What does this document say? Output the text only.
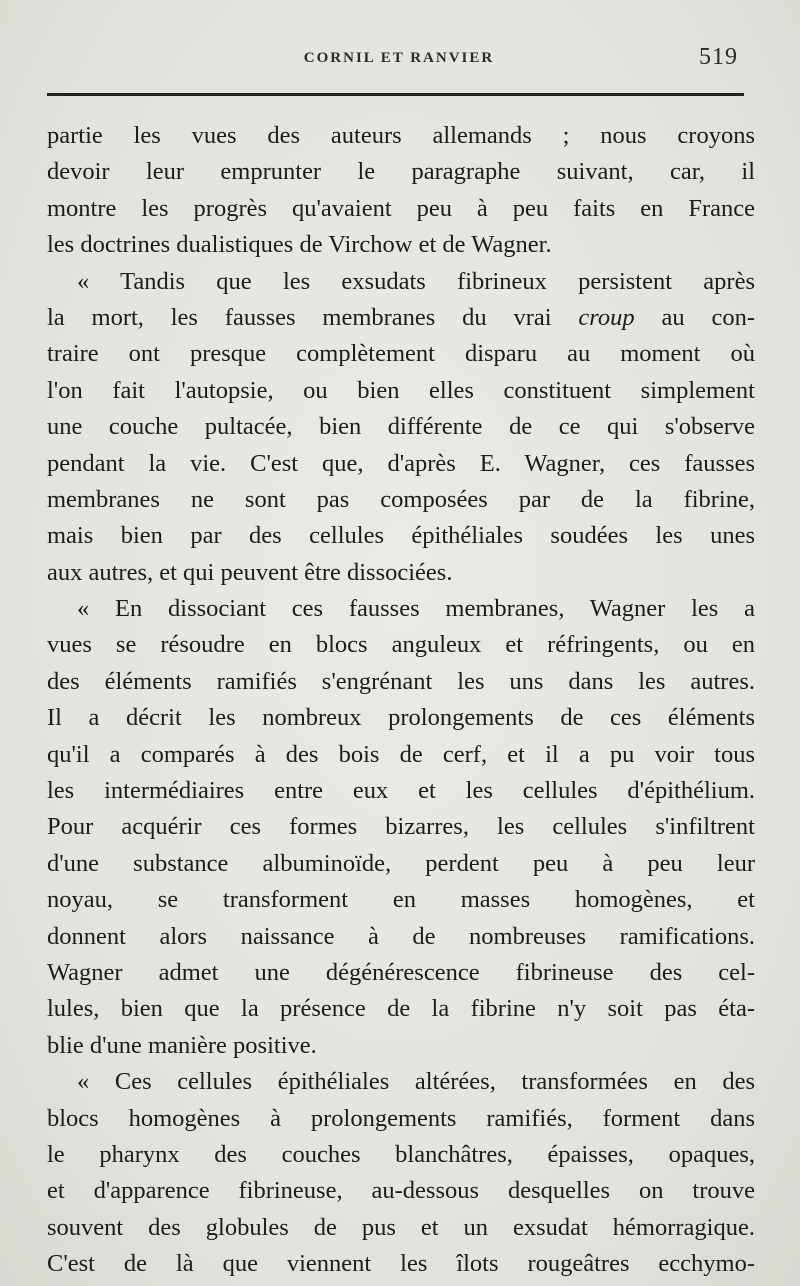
CORNIL ET RANVIER	519
partie les vues des auteurs allemands ; nous croyons
devoir leur emprunter le paragraphe suivant, car, il
montre les progrès qu'avaient peu à peu faits en France
les doctrines dualistiques de Virchow et de Wagner.
« Tandis que les exsudats fibrineux persistent après
la mort, les fausses membranes du vrai croup au con-
traire ont presque complètement disparu au moment où
l'on fait l'autopsie, ou bien elles constituent simplement
une couche pultacée, bien différente de ce qui s'observe
pendant la vie. C'est que, d'après E. Wagner, ces fausses
membranes ne sont pas composées par de la fibrine,
mais bien par des cellules épithéliales soudées les unes
aux autres, et qui peuvent être dissociées.
« En dissociant ces fausses membranes, Wagner les a
vues se résoudre en blocs anguleux et réfringents, ou en
des éléments ramifiés s'engrénant les uns dans les autres.
Il a décrit les nombreux prolongements de ces éléments
qu'il a comparés à des bois de cerf, et il a pu voir tous
les intermédiaires entre eux et les cellules d'épithélium.
Pour acquérir ces formes bizarres, les cellules s'infiltrent
d'une substance albuminoïde, perdent peu à peu leur
noyau, se transforment en masses homogènes, et
donnent alors naissance à de nombreuses ramifications.
Wagner admet une dégénérescence fibrineuse des cel-
lules, bien que la présence de la fibrine n'y soit pas éta-
blie d'une manière positive.
« Ces cellules épithéliales altérées, transformées en des
blocs homogènes à prolongements ramifiés, forment dans
le pharynx des couches blanchâtres, épaisses, opaques,
et d'apparence fibrineuse, au-dessous desquelles on trouve
souvent des globules de pus et un exsudat hémorragique.
C'est de là que viennent les îlots rougeâtres ecchymo-
